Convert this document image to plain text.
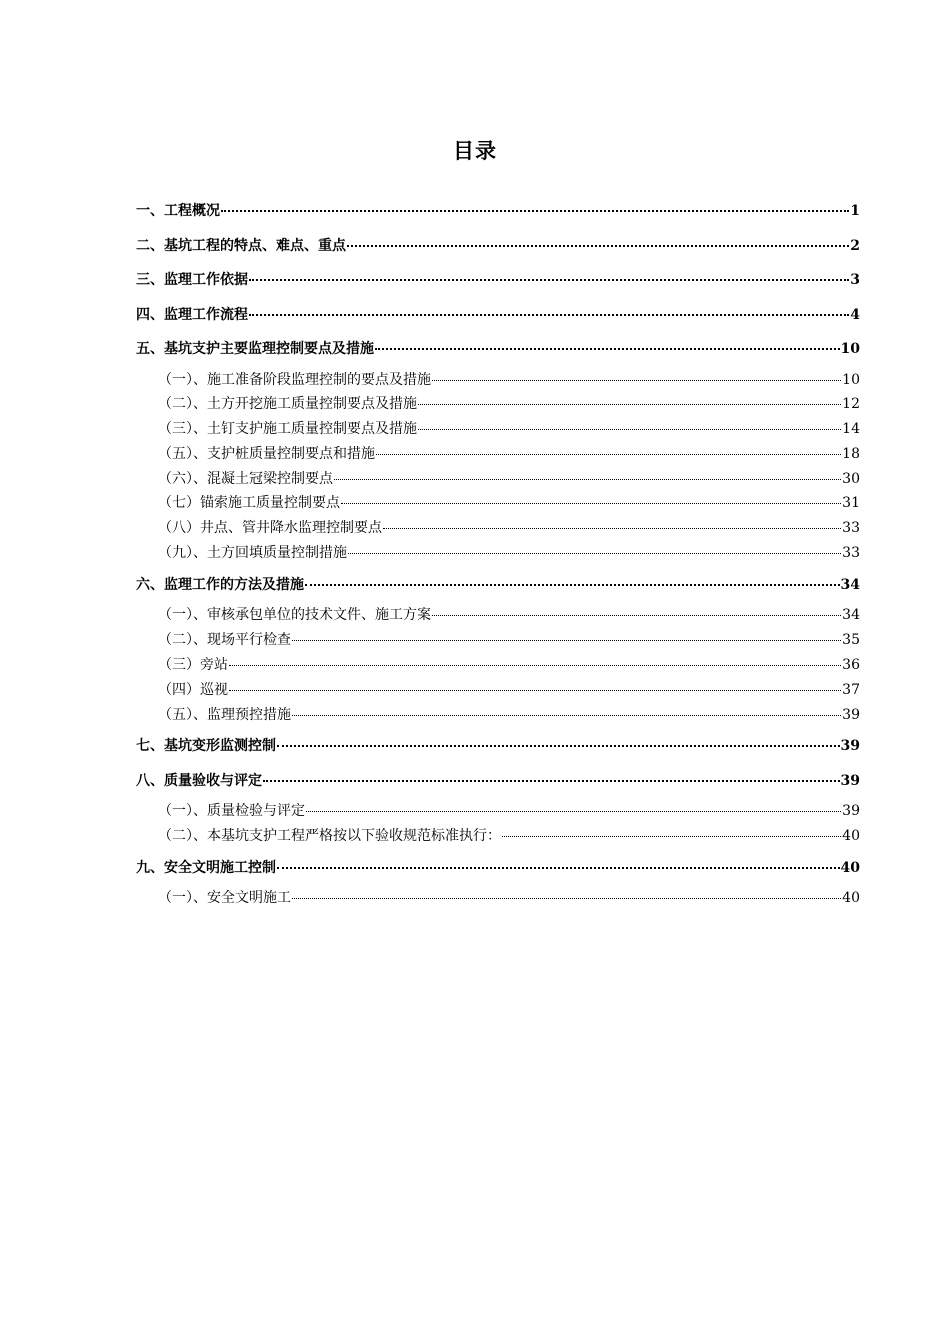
目录
一、工程概况	1
二、基坑工程的特点、难点、重点	2
三、监理工作依据	3
四、监理工作流程	4
五、基坑支护主要监理控制要点及措施	10
（一）、施工准备阶段监理控制的要点及措施	10
（二）、土方开挖施工质量控制要点及措施	12
（三）、土钉支护施工质量控制要点及措施	14
（五）、支护桩质量控制要点和措施	18
（六）、混凝土冠梁控制要点	30
（七）锚索施工质量控制要点	31
（八）井点、管井降水监理控制要点	33
（九）、土方回填质量控制措施	33
六、监理工作的方法及措施	34
（一）、审核承包单位的技术文件、施工方案	34
（二）、现场平行检查	35
（三）旁站	36
（四）巡视	37
（五）、监理预控措施	39
七、基坑变形监测控制	39
八、质量验收与评定	39
（一）、质量检验与评定	39
（二）、本基坑支护工程严格按以下验收规范标准执行：	40
九、安全文明施工控制	40
（一）、安全文明施工	40
